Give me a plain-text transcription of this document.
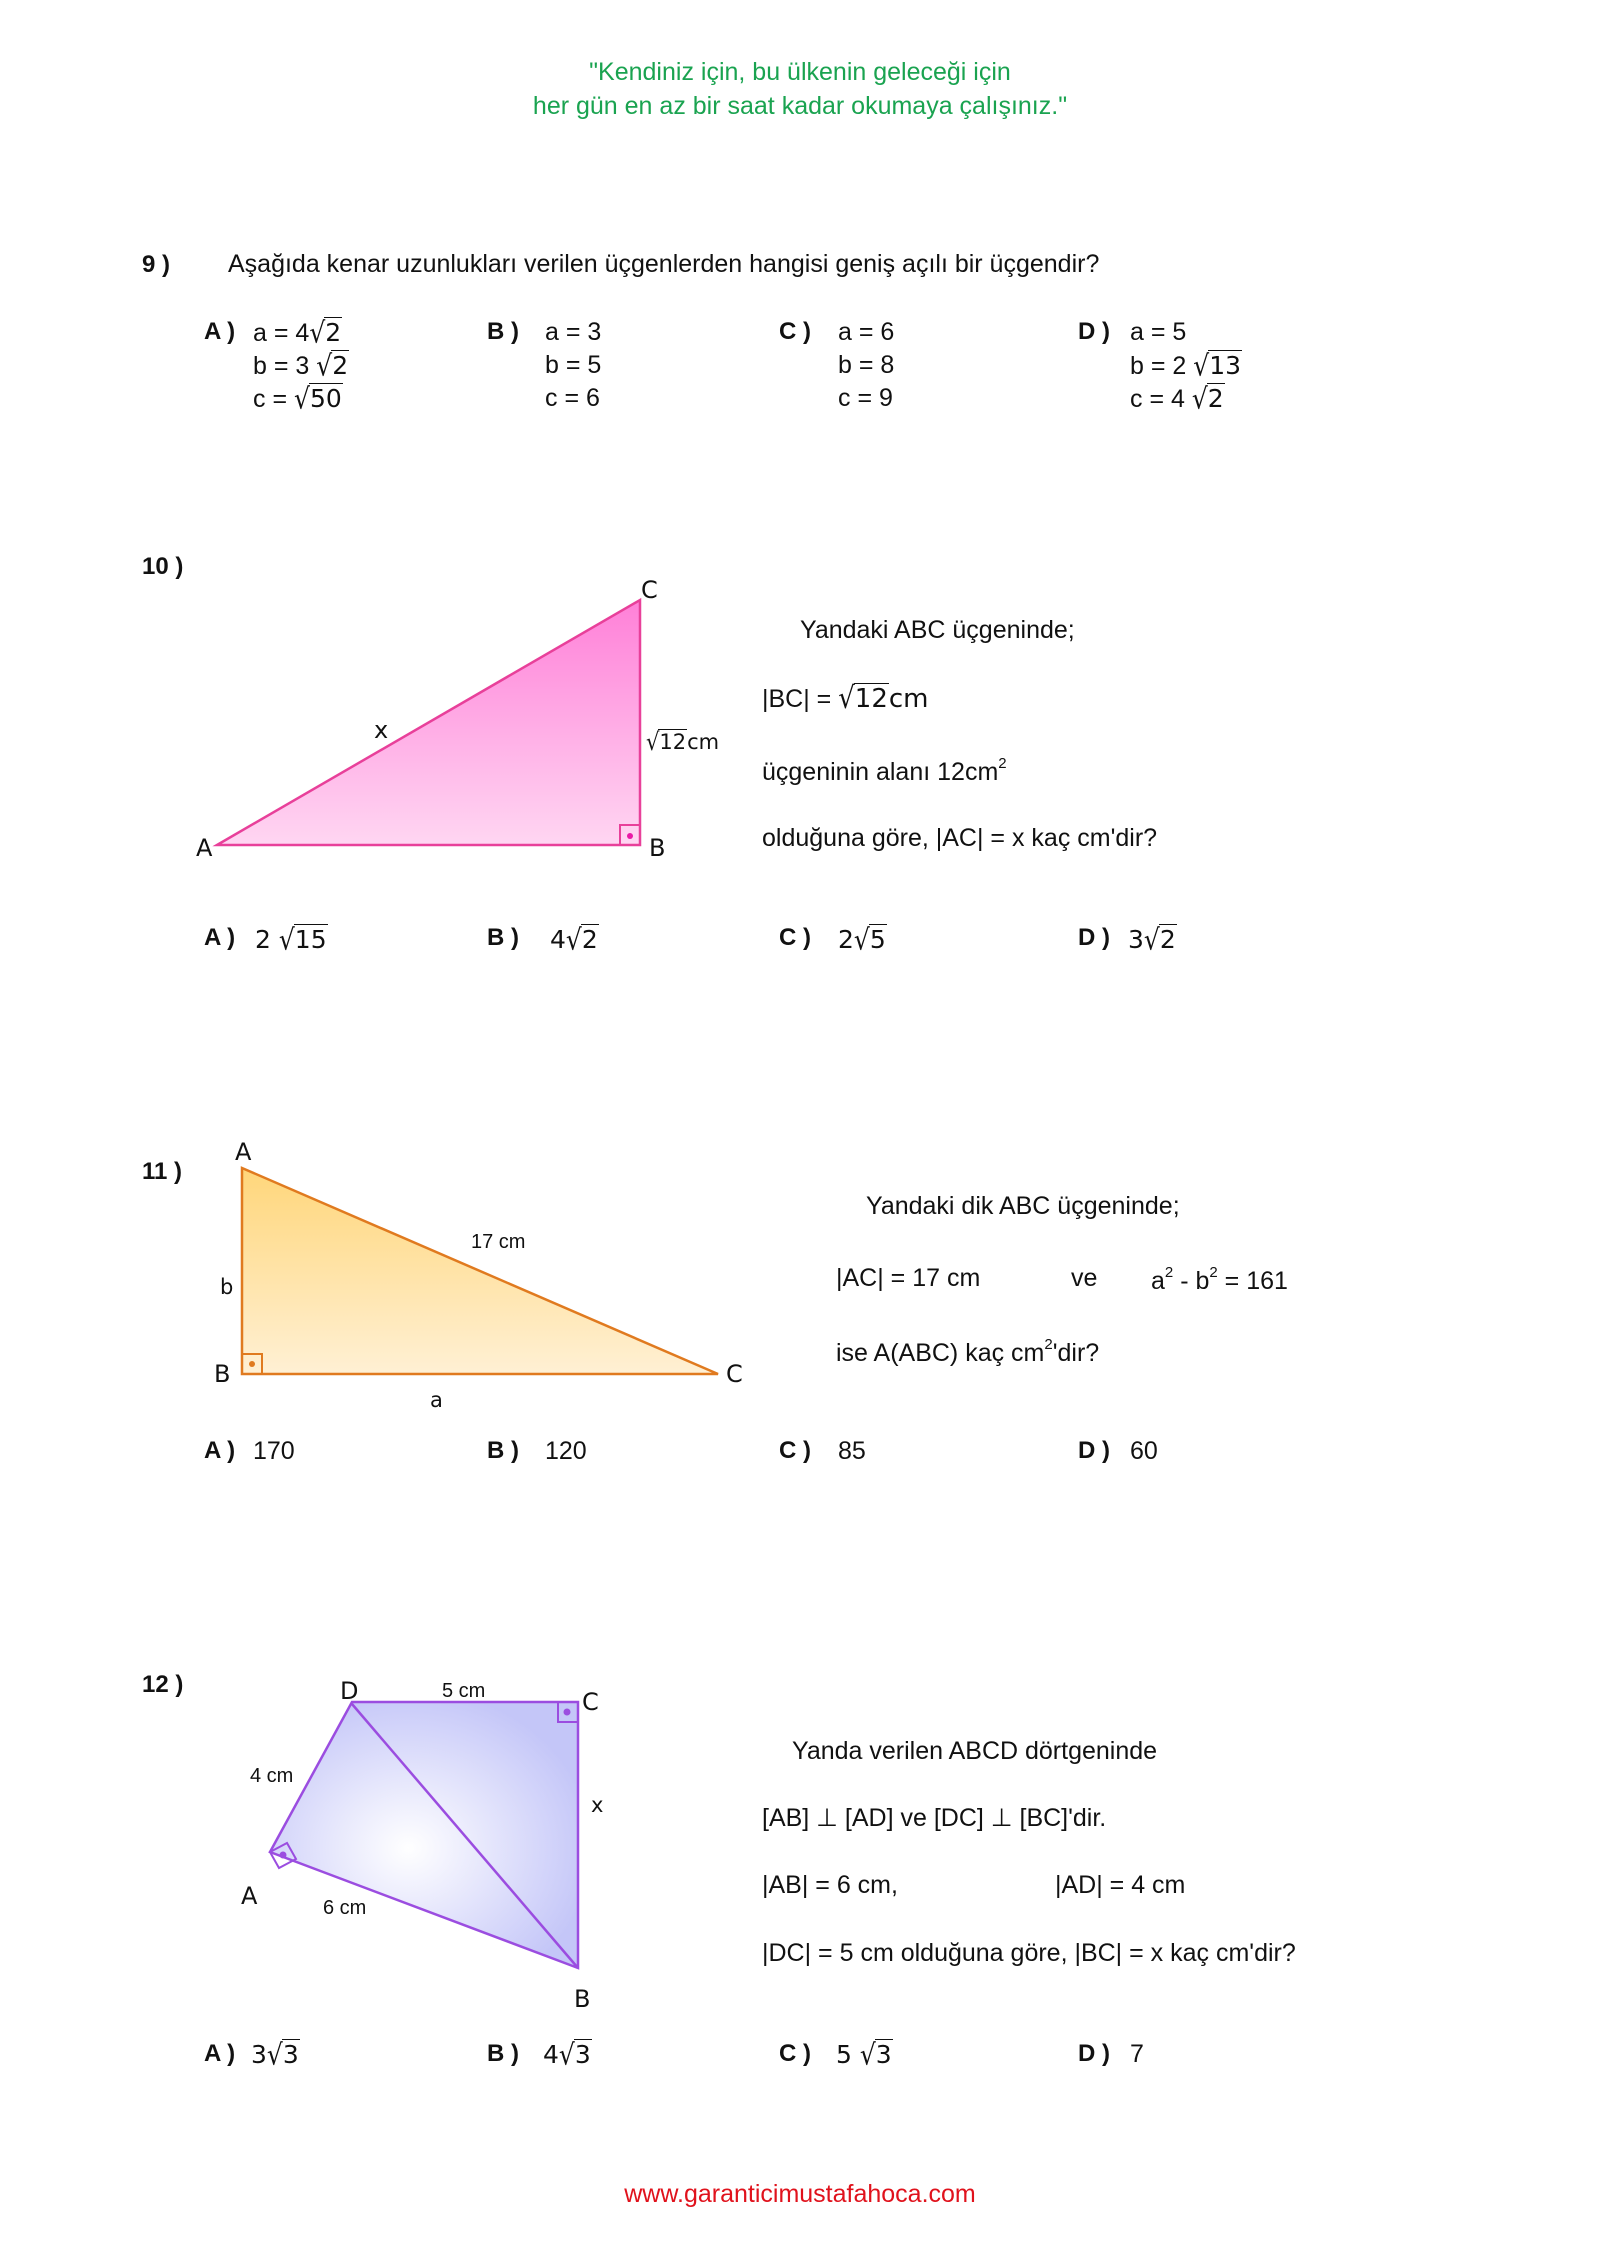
"Kendiniz için, bu ülkenin geleceği için
her gün en az bir saat kadar okumaya çalışınız."
9 ) Aşağıda kenar uzunlukları verilen üçgenlerden hangisi geniş açılı bir üçgendir?
A ) a = 4√2
b = 3 √2
c = √50
B ) a = 3
b = 5
c = 6
C ) a = 6
b = 8
c = 9
D ) a = 5
b = 2 √13
c = 4 √2
10 )
A	B
C
x	√12cm
Yandaki ABC üçgeninde;
|BC| = √12cm
üçgeninin alanı $12cm^2$
olduğuna göre, |AC| = x kaç cm'dir?
A ) 2 √15	B ) 4√2	C ) 2√5	D ) 3√2
11 )
A
B	C
17 cm
b
a
Yandaki dik ABC üçgeninde;
|AC| = 17 cm	ve $a^2 - b^2 = 161$
ise A(ABC) kaç $cm^2'dir$?
A ) 170	B ) 120	C ) 85	D ) 60
12 )	D	C
A
B
5 cm
4 cm
6 cm
x
Yanda verilen ABCD dörtgeninde
[AB] ⊥ [AD] ve [DC] ⊥ [BC]'dir.
|AB| = 6 cm,	|AD| = 4 cm
|DC| = 5 cm olduğuna göre, |BC| = x kaç cm'dir?
A ) 3√3	B ) 4√3	C ) 5 √3	D ) 7
www.garanticimustafahoca.com
